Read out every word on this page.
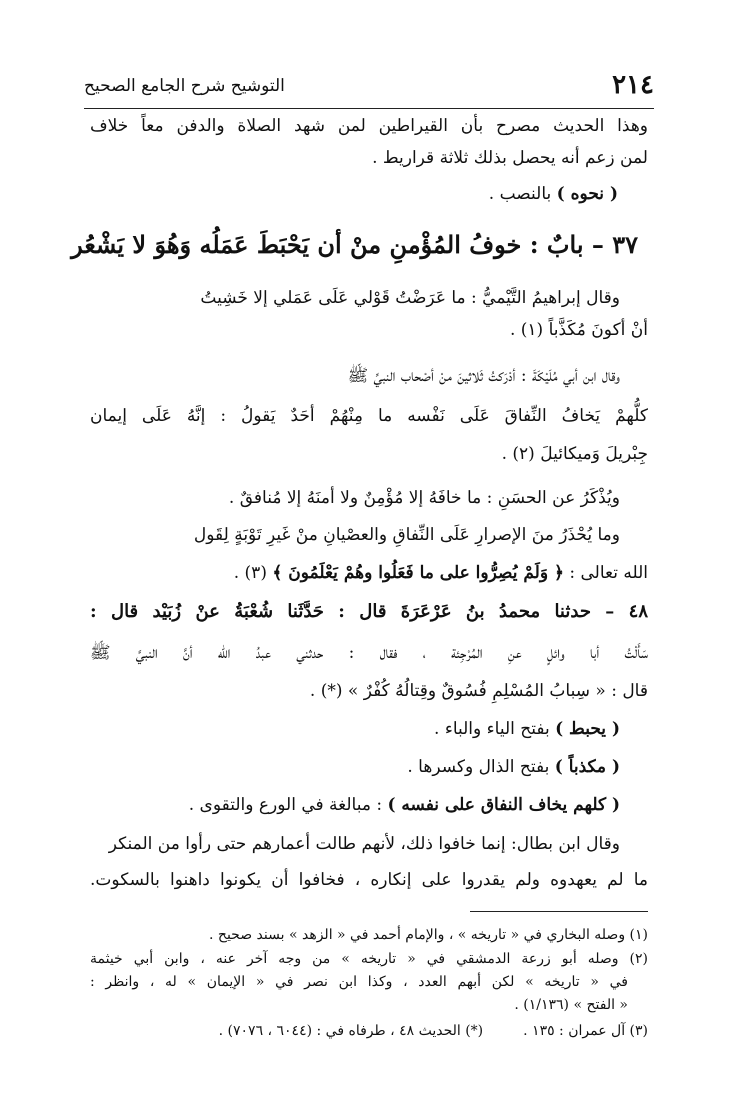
٢١٤
التوشيح شرح الجامع الصحيح
وهذا الحديث مصرح بأن القيراطين لمن شهد الصلاة والدفن معاً خلاف
لمن زعم أنه يحصل بذلك ثلاثة قراريط .
( نحوه ) بالنصب .
٣٧ – بابٌ : خوفُ المُؤْمنِ منْ أن يَحْبَطَ عَمَلُه وَهُوَ لا يَشْعُر
وقال إبراهيمُ التَّيْميُّ : ما عَرَضْتُ قَوْلي عَلَى عَمَلي إلا خَشِيتُ
أنْ أكونَ مُكَذَّباً (١) .
وقال ابن أبي مُلَيْكَةَ : أدْرَكتُ ثَلاثينَ منْ أصْحاب النبيِّ ﷺ
كلُّهمْ يَخافُ النِّفاقَ عَلَى نَفْسه ما مِنْهُمْ أحَدٌ يَقولُ : إنَّهُ عَلَى إيمان
جِبْريلَ وَميكائيلَ (٢) .
ويُذْكَرُ عن الحسَنِ : ما خافَهُ إلا مُؤْمِنٌ ولا أمنَهُ إلا مُنافقٌ .
وما يُحْذَرُ منَ الإصرارِ عَلَى النِّفاقِ والعصْيانِ منْ غَيرِ تَوْبَةٍ لِقَول
الله تعالى : ﴿ وَلَمْ يُصِرُّوا على ما فَعَلُوا وهُمْ يَعْلَمُونَ ﴾ (٣) .
٤٨ – حدثنا محمدُ بنُ عَرْعَرَةَ قال : حَدَّثَنا شُعْبَةُ عنْ زُبَيْد قال :
سَأَلْتُ أبا وائلٍ عنِ المُرْجِئة ، فقال : حدثني عبدُ الله أنَّ النبيَّ ﷺ
قال : « سِبابُ المُسْلِمِ فُسُوقٌ وقِتالُهُ كُفْرٌ » (*) .
( يحبط ) بفتح الياء والباء .
( مكذباً ) بفتح الذال وكسرها .
( كلهم يخاف النفاق على نفسه ) : مبالغة في الورع والتقوى .
وقال ابن بطال: إنما خافوا ذلك، لأنهم طالت أعمارهم حتى رأوا من المنكر
ما لم يعهدوه ولم يقدروا على إنكاره ، فخافوا أن يكونوا داهنوا بالسكوت.
(١) وصله البخاري في « تاريخه » ، والإمام أحمد في « الزهد » بسند صحيح .
(٢) وصله أبو زرعة الدمشقي في « تاريخه » من وجه آخر عنه ، وابن أبي خيثمة
في « تاريخه » لكن أبهم العدد ، وكذا ابن نصر في « الإيمان » له ، وانظر :
« الفتح » (١/١٣٦) .
(٣) آل عمران : ١٣٥ .
(*) الحديث ٤٨ ، طرفاه في : (٦٠٤٤ ، ٧٠٧٦) .
